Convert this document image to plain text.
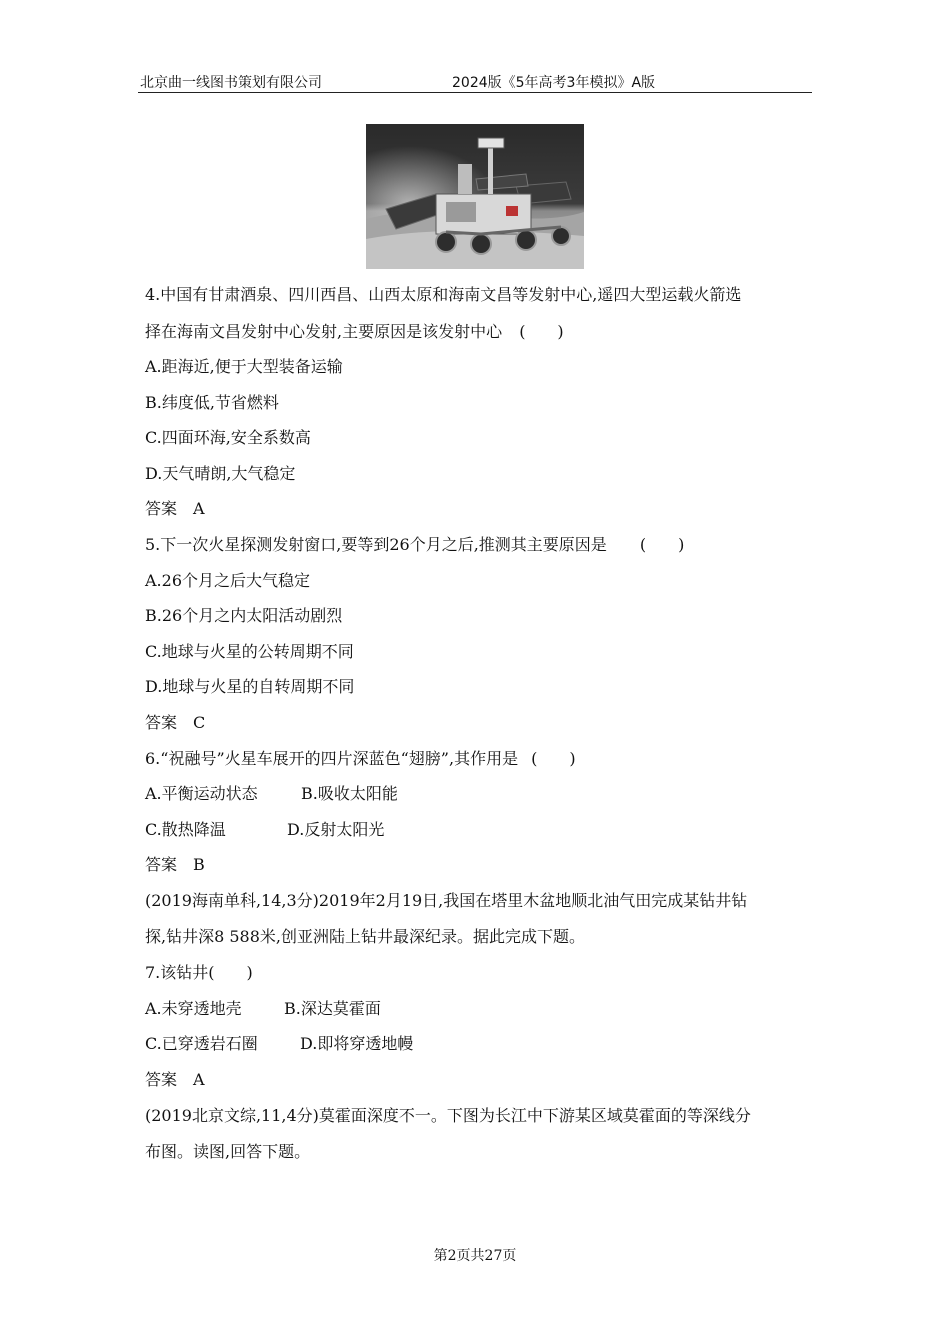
北京曲一线图书策划有限公司	2024版《5年高考3年模拟》A版
4.中国有甘肃酒泉、四川西昌、山西太原和海南文昌等发射中心,遥四大型运载火箭选
择在海南文昌发射中心发射,主要原因是该发射中心 (　　)
A.距海近,便于大型装备运输
B.纬度低,节省燃料
C.四面环海,安全系数高
D.天气晴朗,大气稳定
答案　A
5.下一次火星探测发射窗口,要等到26个月之后,推测其主要原因是 (　　)
A.26个月之后大气稳定
B.26个月之内太阳活动剧烈
C.地球与火星的公转周期不同
D.地球与火星的自转周期不同
答案　C
6.“祝融号”火星车展开的四片深蓝色“翅膀”,其作用是 (　　)
A.平衡运动状态	B.吸收太阳能
C.散热降温	D.反射太阳光
答案　B
(2019海南单科,14,3分)2019年2月19日,我国在塔里木盆地顺北油气田完成某钻井钻
探,钻井深8 588米,创亚洲陆上钻井最深纪录。据此完成下题。
7.该钻井(　　)
A.未穿透地壳	B.深达莫霍面
C.已穿透岩石圈	D.即将穿透地幔
答案　A
(2019北京文综,11,4分)莫霍面深度不一。下图为长江中下游某区域莫霍面的等深线分
布图。读图,回答下题。
第2页共27页
